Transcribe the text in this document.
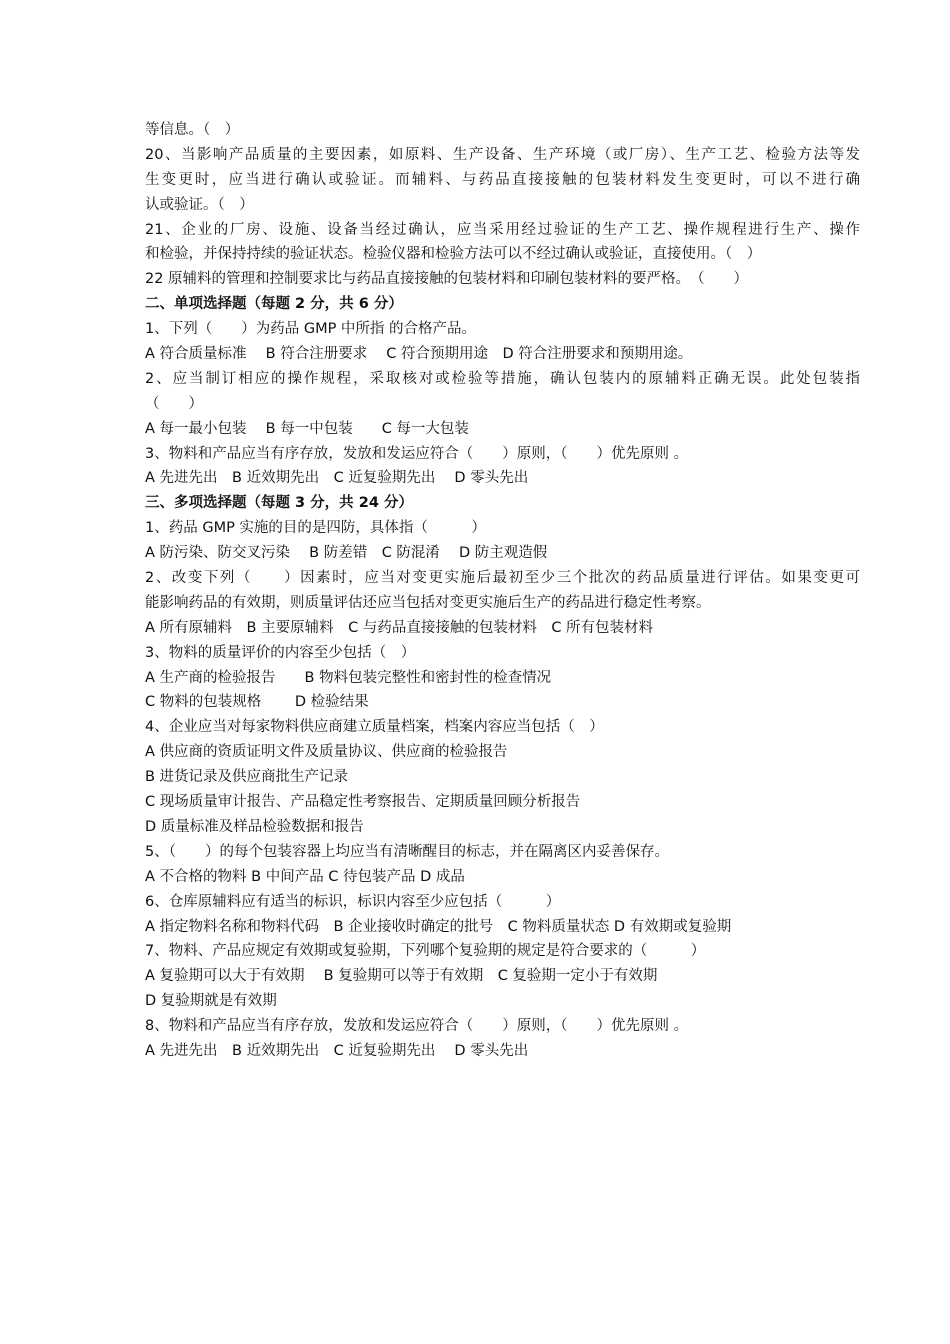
等信息。（　）
20、当影响产品质量的主要因素，如原料、生产设备、生产环境（或厂房）、生产工艺、检验方法等发
生变更时，应当进行确认或验证。而辅料、与药品直接接触的包装材料发生变更时，可以不进行确
认或验证。（　）
21、企业的厂房、设施、设备当经过确认，应当采用经过验证的生产工艺、操作规程进行生产、操作
和检验，并保持持续的验证状态。检验仪器和检验方法可以不经过确认或验证，直接使用。（　）
22 原辅料的管理和控制要求比与药品直接接触的包装材料和印刷包装材料的要严格。　（　　）
二、单项选择题（每题 2 分，共 6 分）
1、下列（　　）为药品 GMP 中所指 的合格产品。
A 符合质量标准　 B 符合注册要求　 C 符合预期用途　D 符合注册要求和预期用途。
2、应当制订相应的操作规程，采取核对或检验等措施，确认包装内的原辅料正确无误。此处包装指
（　　）
A 每一最小包装　 B 每一中包装　　C 每一大包装
3、物料和产品应当有序存放，发放和发运应符合（　　）原则，（　　）优先原则 。
A 先进先出　B 近效期先出　C 近复验期先出　 D 零头先出
三、多项选择题（每题 3 分，共 24 分）
1、药品 GMP 实施的目的是四防，具体指（　　　）
A 防污染、防交叉污染　 B 防差错　C 防混淆　 D 防主观造假
2、改变下列（　　）因素时，应当对变更实施后最初至少三个批次的药品质量进行评估。如果变更可
能影响药品的有效期，则质量评估还应当包括对变更实施后生产的药品进行稳定性考察。
A 所有原辅料　B 主要原辅料　C 与药品直接接触的包装材料　C 所有包装材料
3、物料的质量评价的内容至少包括（　）
A 生产商的检验报告　　B 物料包装完整性和密封性的检查情况
C 物料的包装规格　　 D 检验结果
4、企业应当对每家物料供应商建立质量档案，档案内容应当包括（　）
A 供应商的资质证明文件及质量协议、供应商的检验报告
B 进货记录及供应商批生产记录
C 现场质量审计报告、产品稳定性考察报告、定期质量回顾分析报告
D 质量标准及样品检验数据和报告
5、（　　）的每个包装容器上均应当有清晰醒目的标志，并在隔离区内妥善保存。
A 不合格的物料 B 中间产品 C 待包装产品 D 成品
6、仓库原辅料应有适当的标识，标识内容至少应包括（　　　）
A 指定物料名称和物料代码　B 企业接收时确定的批号　C 物料质量状态 D 有效期或复验期
7、物料、产品应规定有效期或复验期，下列哪个复验期的规定是符合要求的（　　　）
A 复验期可以大于有效期　 B 复验期可以等于有效期　C 复验期一定小于有效期
D 复验期就是有效期
8、物料和产品应当有序存放，发放和发运应符合（　　）原则，（　　）优先原则 。
A 先进先出　B 近效期先出　C 近复验期先出　 D 零头先出
